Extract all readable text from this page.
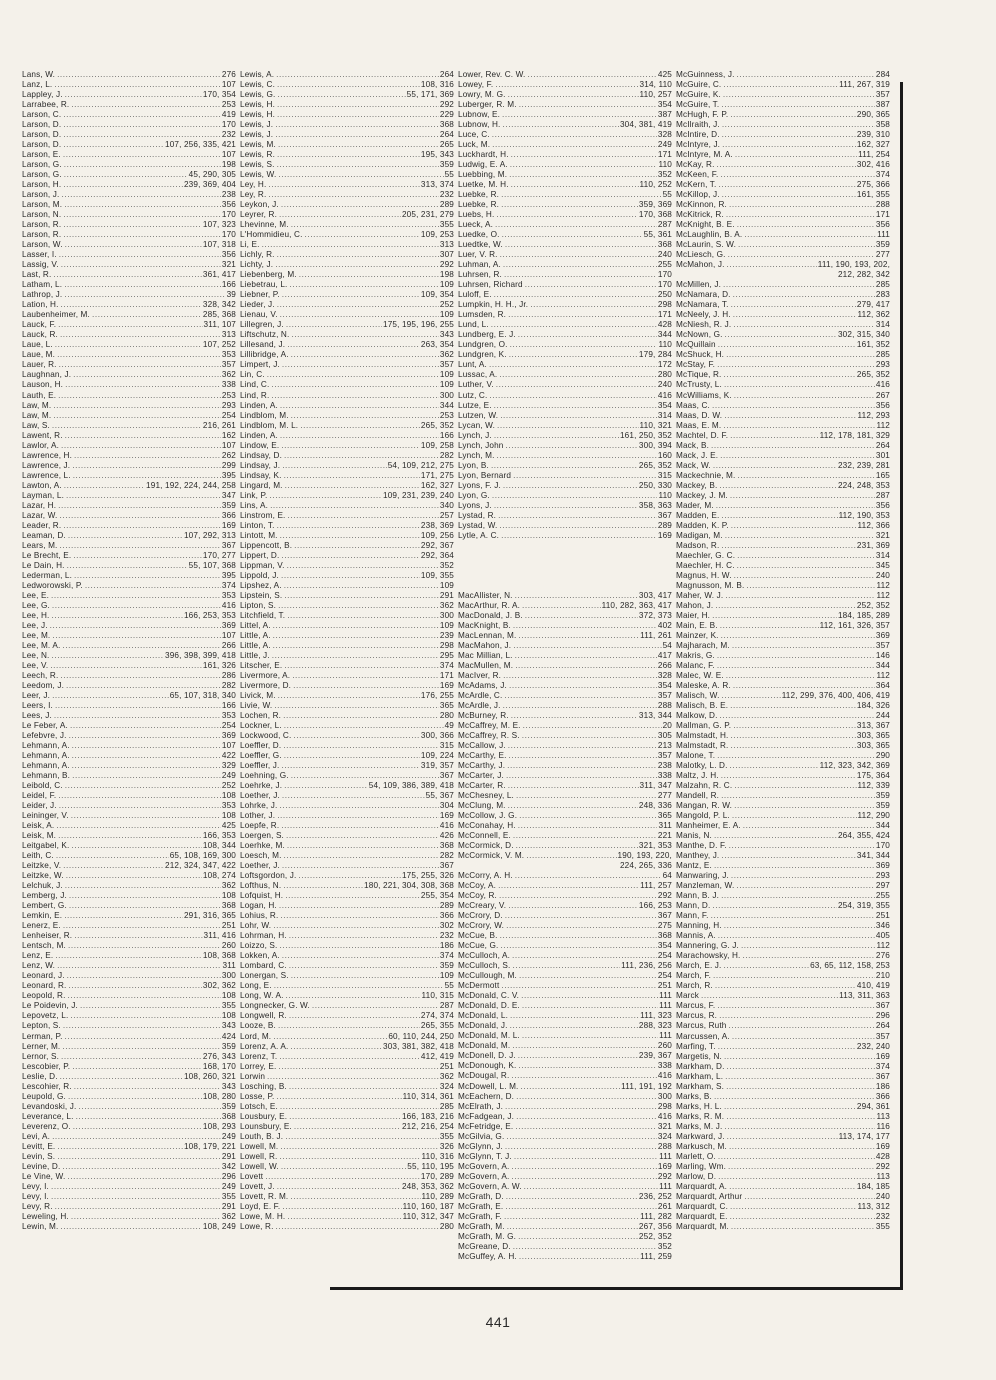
Lans, W. .....	276
Lanz, L. .....	107
Lappley, J. .....	170, 354
Larrabee, R. .....	253
Larson, C. .....	419
Larson, D. .....	170
Larson, D. .....	232
Larson, D. .....	107, 256, 335, 421
Larson, E. .....	107
Larson, G. .....	198
Larson, G. .....	45, 290, 305
Larson, H. .....	239, 369, 404
Larson, J. .....	238
Larson, M. .....	356
Larson, N. .....	170
Larson, R. .....	107, 323
Larson, R. .....	170
Larson, W. .....	107, 318
Lasser, I. .....	356
Lassig, V. .....	321
Last, R. .....	361, 417
Latham, L. .....	166
Lathrop, J. .....	39
Lation, H. .....	328, 342
Laubenheimer, M. .....	285, 368
Lauck, F. .....	311, 107
Lauck, R. .....	313
Laue, L. .....	107, 252
Laue, M. .....	353
Lauer, R. .....	357
Laughnan, J. .....	362
Lauson, H. .....	338
Lauth, E. .....	253
Law, M. .....	293
Law, M. .....	254
Law, S. .....	216, 261
Lawent, R. .....	162
Lawlor, A. .....	107
Lawrence, H. .....	262
Lawrence, J. .....	299
Lawrence, L. .....	395
Lawton, A. .....	191, 192, 224, 244, 258
Layman, L. .....	347
Lazar, H. .....	359
Lazar, W. .....	366
Leader, R. .....	169
Leaman, D. .....	107, 292, 313
Lears, M. .....	367
Le Brecht, E. .....	170, 277
Le Dain, H. .....	55, 107, 368
Lederman, L. .....	395
Ledworowski, P. .....	374
Lee, E. .....	353
Lee, G. .....	416
Lee, H. .....	166, 253, 353
Lee, J. .....	369
Lee, M. .....	107
Lee, M. A. .....	266
Lee, N. .....	396, 398, 399, 418
Lee, V. .....	161, 326
Leech, R. .....	286
Leedom, J. .....	282
Leer, J. .....	65, 107, 318, 340
Leers, I. .....	166
Lees, J. .....	353
Le Feber, A. .....	254
Lefebvre, J. .....	369
Lehmann, A. .....	107
Lehmann, A. .....	422
Lehmann, A. .....	329
Lehmann, B. .....	249
Leibold, C. .....	252
Leidel, F. .....	108
Leider, J. .....	353
Leininger, V. .....	108
Leisk, A. .....	425
Leisk, M. .....	166, 353
Leitgabel, K. .....	108, 344
Leith, C. .....	65, 108, 169, 300
Leitzke, V. .....	212, 324, 347, 422
Leitzke, W. .....	108, 274
Lelchuk, J. .....	362
Lemberg, J. .....	108
Lembert, G. .....	368
Lemkin, E. .....	291, 316, 365
Lenerz, E. .....	251
Lenheiser, R. .....	311, 416
Lentsch, M. .....	260
Lenz, E. .....	108, 368
Lenz, W. .....	311
Leonard, J. .....	300
Leonard, R. .....	302, 362
Leopold, R. .....	108
Le Poidevin, J. .....	355
Lepovetz, L. .....	108
Lepton, S. .....	343
Lerman, P. .....	424
Lerner, M. .....	359
Lernor, S. .....	276, 343
Lescobier, P. .....	168, 170
Leslie, D. .....	108, 260, 321
Lescohier, R. .....	343
Leupold, G. .....	108, 280
Levandoski, J. .....	359
Leverance, L. .....	368
Leverenz, O. .....	108, 293
Levi, A. .....	249
Levitt, E. .....	108, 179, 221
Levin, S. .....	291
Levine, D. .....	342
Le Vine, W. .....	296
Levy, I. .....	249
Levy, I. .....	355
Levy, R. .....	291
Leweling, H. .....	362
Lewin, M. .....	108, 249
Lewis, A. .....	264
Lewis, C. .....	108, 316
Lewis, G. .....	55, 171, 369
Lewis, H. .....	292
Lewis, H. .....	229
Lewis, J. .....	368
Lewis, J. .....	264
Lewis, M. .....	265
Lewis, R. .....	195, 343
Lewis, S. .....	359
Lewis, W. .....	55
Ley, H. .....	313, 374
Ley, R. .....	232
Leykon, J. .....	289
Leyrer, R. .....	205, 231, 279
Lhevinne, M. .....	355
L'Hommidieu, C. .....	109, 253
Li, E. .....	313
Lichly, R. .....	307
Lichty, J. .....	292
Liebenberg, M. .....	198
Liebetrau, L. .....	109
Liebner, P. .....	109, 354
Lieder, J. .....	252
Lienau, V. .....	109
Lillegren, J. .....	175, 195, 196, 255
Liftschutz, N. .....	343
Lillesand, J. .....	263, 354
Lillibridge, A. .....	362
Limpert, J. .....	357
Lin, C. .....	109
Lind, C. .....	109
Lind, R. .....	300
Linden, A. .....	344
Lindblom, M. .....	253
Lindblom, M. L. .....	265, 352
Linden, A. .....	166
Lindow, E. .....	109, 258
Lindsay, D. .....	282
Lindsay, J. .....	54, 109, 212, 275
Lindsay, K. .....	171, 275
Lingard, M. .....	162, 327
Link, P. .....	109, 231, 239, 240
Lins, A. .....	340
Linstrom, E. .....	257
Linton, T. .....	238, 369
Lintott, M. .....	109, 256
Lippencott, B. .....	292, 367
Lippert, D. .....	292, 364
Lippman, V. .....	352
Lippold, J. .....	109, 355
Lipshez, A. .....	109
Lipstein, S. .....	291
Lipton, S. .....	362
Litchfield, T. .....	300
Littel, A. .....	109
Little, A. .....	239
Little, A. .....	298
Little, J. .....	295
Litscher, E. .....	374
Livermore, A. .....	171
Livermore, D. .....	169
Livick, M. .....	176, 255
Livie, W. .....	365
Lochen, R. .....	280
Lockner, L. .....	49
Lockwood, C. .....	300, 366
Loeffler, D. .....	315
Loeffler, G. .....	109, 224
Loeffler, J. .....	319, 357
Loehning, G. .....	367
Loehrke, J. .....	54, 109, 386, 389, 418
Loether, J. .....	55, 367
Lohrke, J. .....	304
Lother, J. .....	169
Loepfe, R. .....	416
Loergen, S. .....	426
Loerhke, M. .....	368
Loesch, M. .....	282
Loether, J. .....	367
Loftsgordon, J. .....	175, 255, 326
Lofthus, N. .....	180, 221, 304, 308, 368
Lofquist, H. .....	255, 354
Logan, H. .....	289
Lohius, R. .....	366
Lohr, W. .....	302
Lohrman, H. .....	232
Loizzo, S. .....	186
Lokken, A. .....	374
Lombard, C. .....	359
Lonergan, S. .....	109
Long, E. .....	55
Long, W. A. .....	110, 315
Longnecker, G. W. .....	287
Longwell, R. .....	274, 374
Looze, B. .....	265, 355
Lord, M. .....	60, 110, 244, 250
Lorenz, A. A. .....	303, 381, 382, 418
Lorenz, T. .....	412, 419
Lorrey, E. .....	251
Lorwin .....	362
Losching, B. .....	324
Losse, P. .....	110, 314, 361
Lotsch, E. .....	285
Lousbury, E. .....	166, 183, 216
Lounsbury, E. .....	212, 216, 254
Louth, B. J. .....	355
Lowell, M. .....	326
Lowell, R. .....	110, 316
Lowell, W. .....	55, 110, 195
Lovett .....	170, 289
Lovett, J. .....	248, 353, 362
Lovett, R. M. .....	110, 289
Loyd, E. F. .....	110, 160, 187
Lowe, M. H. .....	110, 312, 347
Lowe, R. .....	280
Lower, Rev. C. W. .....	425
Lowey, F. .....	314, 110
Lowry, M. G. .....	110, 257
Luberger, R. M. .....	354
Lubnow, E. .....	387
Lubnow, H. .....	304, 381, 419
Luce, C. .....	328
Luck, M. .....	249
Luckhardt, H. .....	171
Ludwig, E. A. .....	110
Luebbing, M. .....	352
Luetke, M. H. .....	110, 252
Luebke, R. .....	55
Luebke, R. .....	359, 369
Luebs, H. .....	170, 368
Lueck, A. .....	287
Luedke, O. .....	55, 361
Luedtke, W. .....	368
Luer, V. R. .....	240
Luhman, A. .....	255
Luhrsen, R. .....	170
Luhrsen, Richard .....	170
Luloff, E. .....	250
Lumpkin, H. H., Jr. .....	298
Lumsden, R. .....	171
Lund, L. .....	428
Lundberg, E. J. .....	344
Lundgren, O. .....	110
Lundgren, K. .....	179, 284
Lunt, A. .....	172
Lussac, A. .....	280
Luther, V. .....	240
Lutz, C. .....	416
Lutze, E. .....	354
Lutzen, W. .....	314
Lycan, W. .....	110, 321
Lynch, J. .....	161, 250, 352
Lynch, John .....	300, 394
Lynch, M. .....	160
Lyon, B. .....	265, 352
Lyon, Bernard .....	315
Lyons, F. J. .....	250, 330
Lyon, G. .....	110
Lyons, J. .....	358, 363
Lystad, R. .....	367
Lystad, W. .....	289
Lytle, A. C. .....	169
MacAllister, N. .....	303, 417
MacArthur, R. A. .....	110, 282, 363, 417
MacDonald, J. B. .....	372, 373
MacKnight, B. .....	402
MacLennan, M. .....	111, 261
MacMahon, J. .....	54
Mac Millian, L. .....	417
MacMullen, M. .....	266
MacIver, R. .....	328
McAdams, J. .....	354
McArdle, C. .....	357
McArdle, J. .....	288
McBurney, R. .....	313, 344
McCaffrey, M. E. .....	20
McCaffrey, R. S. .....	305
McCallow, J. .....	213
McCarthy, E. .....	357
McCarthy, J. .....	238
McCarter, J. .....	338
McCarter, R. .....	311, 347
McChesney, L. .....	277
McClung, M. .....	248, 336
McCollow, J. G. .....	365
McConahay, H. .....	311
McConnell, E. .....	221
McCormick, D. .....	321, 353
McCormick, V. M. .....	190, 193, 220,
224, 265, 336
McCorry, A. H. .....	64
McCoy, A. .....	111, 257
McCoy, R. .....	292
McCreary, V. .....	166, 253
McCrory, D. .....	367
McCrory, W. .....	275
McCue, B. .....	368
McCue, G. .....	354
McCulloch, A. .....	254
McCulloch, S. .....	111, 236, 256
McCullough, M. .....	254
McDermott .....	251
McDonald, C. V. .....	111
McDonald, D. E. .....	111
McDonald, L. .....	111, 323
McDonald, J. .....	288, 323
McDonald, M. L. .....	111
McDonald, M. .....	260
McDonell, D. J. .....	239, 367
McDonough, K. .....	338
McDougal, R. .....	416
McDowell, L. M. .....	111, 191, 192
McEachern, D. .....	300
McElrath, J. .....	298
McFadgean, J. .....	416
McFetridge, E. .....	321
McGilvia, G. .....	324
McGlynn, J. .....	288
McGlynn, T. J. .....	111
McGovern, A. .....	169
McGovern, A. .....	292
McGovern, A. W. .....	111
McGrath, D. .....	236, 252
McGrath, E. .....	261
McGrath, F. .....	111, 282
McGrath, M. .....	267, 356
McGrath, M. G. .....	252, 352
McGreane, D. .....	352
McGuffey, A. H. .....	111, 259
McGuinness, J. .....	284
McGuire, C. .....	111, 267, 319
McGuire, K. .....	357
McGuire, T. .....	387
McHugh, F. P. .....	290, 365
McIlraith, J. .....	358
McIntire, D. .....	239, 310
McIntyre, J. .....	162, 327
McIntyre, M. A. .....	111, 254
McKay, R. .....	302, 416
McKeen, F. .....	374
McKern, T. .....	275, 366
McKillop, J. .....	161, 355
McKinnon, R. .....	288
McKitrick, R. .....	171
McKnight, B. E. .....	356
McLaughlin, B. A. .....	111
McLaurin, S. W. .....	359
McLiesch, G. .....	277
McMahon, J. .....	111, 190, 193, 202,
212, 282, 342
McMillen, J. .....	285
McNamara, D. .....	283
McNamara, T. .....	279, 417
McNeely, J. H. .....	112, 362
McNiesh, R. J. .....	314
McNown, G. .....	302, 315, 340
McQuillain .....	161, 352
McShuck, H. .....	285
McStay, F. .....	293
McTique, R. .....	265, 352
McTrusty, L. .....	416
McWilliams, K. .....	267
Maas, C. .....	356
Maas, D. W. .....	112, 293
Maas, E. M. .....	112
Machtel, D. F. .....	112, 178, 181, 329
Mack, B. .....	264
Mack, J. E. .....	301
Mack, W. .....	232, 239, 281
Mackechnie, M. .....	165
Mackey, B. .....	224, 248, 353
Mackey, J. M. .....	287
Mader, M. .....	356
Madden, E. .....	112, 190, 353
Madden, K. P. .....	112, 366
Madigan, M. .....	321
Madson, R. .....	231, 369
Maechler, G. C. .....	314
Maechler, H. C. .....	345
Magnus, H. W. .....	240
Magnusson, M. B. .....	112
Maher, W. J. .....	112
Mahon, J. .....	252, 352
Maier, H. .....	184, 185, 289
Main, E. B. .....	112, 161, 326, 357
Mainzer, K. .....	369
Majharach, M. .....	357
Makris, G. .....	146
Malanc, F. .....	344
Malec, W. E. .....	112
Maleske, A. R. .....	364
Malisch, W. .....	112, 299, 376, 400, 406, 419
Malisch, B. E. .....	184, 326
Malkow, D. .....	244
Mallman, G. P. .....	313, 367
Malmstadt, H. .....	303, 365
Malmstadt, R. .....	303, 365
Malone, T. .....	290
Malotky, L. D. .....	112, 323, 342, 369
Maltz, J. H. .....	175, 364
Malzahn, R. C. .....	112, 339
Mandell, R. .....	359
Mangan, R. W. .....	359
Mangold, P. L. .....	112, 290
Manheimer, E. A. .....	344
Manis, N. .....	264, 355, 424
Manthe, D. F. .....	170
Manthey, J. .....	341, 344
Mantz, E. .....	369
Manwaring, J. .....	293
Manzleman, W. .....	297
Mann, B. J. .....	255
Mann, D. .....	254, 319, 355
Mann, F. .....	251
Manning, H. .....	346
Mannis, A. .....	405
Mannering, G. J. .....	112
Marachowsky, H. .....	276
March, E. J. .....	63, 65, 112, 158, 253
March, F. .....	210
March, R. .....	410, 419
Marck .....	113, 311, 363
Marcus, F. .....	367
Marcus, R. .....	296
Marcus, Ruth .....	264
Marcussen, A. .....	357
Marfing, T. .....	232, 240
Margetis, N. .....	169
Markham, D. .....	374
Markham, L. .....	367
Markham, S. .....	186
Marks, B. .....	366
Marks, H. L. .....	294, 361
Marks, R. M. .....	113
Marks, M. J. .....	116
Markward, J. .....	113, 174, 177
Markusch, M. .....	169
Marlett, O. .....	428
Marling, Wm. .....	292
Marlow, D. .....	113
Marquardt, A. .....	184, 185
Marquardt, Arthur .....	240
Marquardt, C. .....	113, 312
Marquardt, E. .....	232
Marquardt, M. .....	355
441
